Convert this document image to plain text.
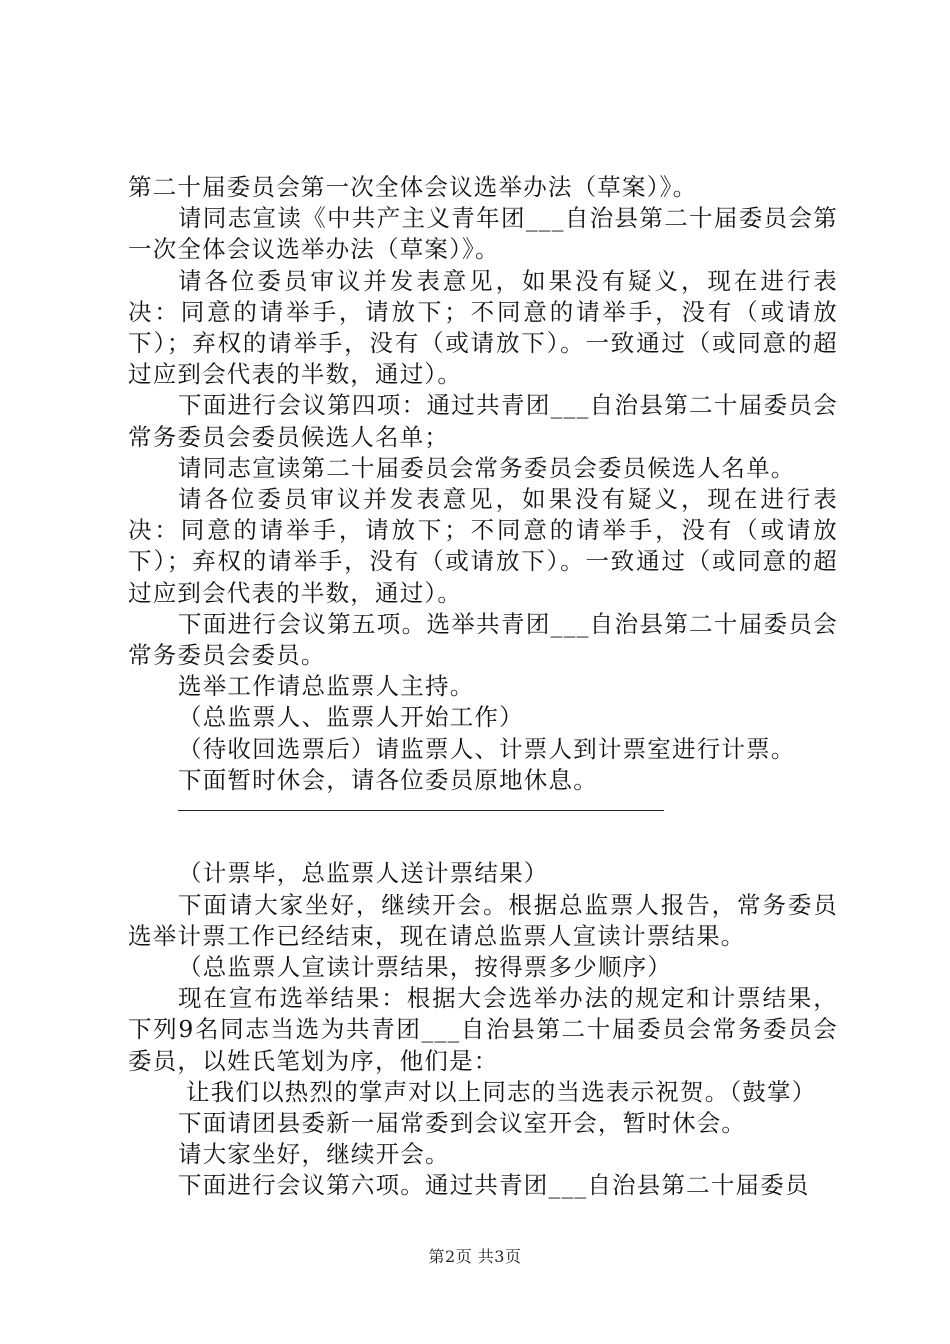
第二十届委员会第一次全体会议选举办法（草案）》。

请同志宣读《中共产主义青年团___自治县第二十届委员会第一次全体会议选举办法（草案）》。

请各位委员审议并发表意见，如果没有疑义，现在进行表决：同意的请举手，请放下；不同意的请举手，没有（或请放下）；弃权的请举手，没有（或请放下）。一致通过（或同意的超过应到会代表的半数，通过）。

下面进行会议第四项：通过共青团___自治县第二十届委员会常务委员会委员候选人名单；

请同志宣读第二十届委员会常务委员会委员候选人名单。

请各位委员审议并发表意见，如果没有疑义，现在进行表决：同意的请举手，请放下；不同意的请举手，没有（或请放下）；弃权的请举手，没有（或请放下）。一致通过（或同意的超过应到会代表的半数，通过）。

下面进行会议第五项。选举共青团___自治县第二十届委员会常务委员会委员。

选举工作请总监票人主持。

（总监票人、监票人开始工作）

（待收回选票后）请监票人、计票人到计票室进行计票。

下面暂时休会，请各位委员原地休息。

（计票毕，总监票人送计票结果）

下面请大家坐好，继续开会。根据总监票人报告，常务委员选举计票工作已经结束，现在请总监票人宣读计票结果。

（总监票人宣读计票结果，按得票多少顺序）

现在宣布选举结果：根据大会选举办法的规定和计票结果，下列9名同志当选为共青团___自治县第二十届委员会常务委员会委员，以姓氏笔划为序，他们是：

让我们以热烈的掌声对以上同志的当选表示祝贺。（鼓掌）

下面请团县委新一届常委到会议室开会，暂时休会。

请大家坐好，继续开会。

下面进行会议第六项。通过共青团___自治县第二十届委员

第2页 共3页
